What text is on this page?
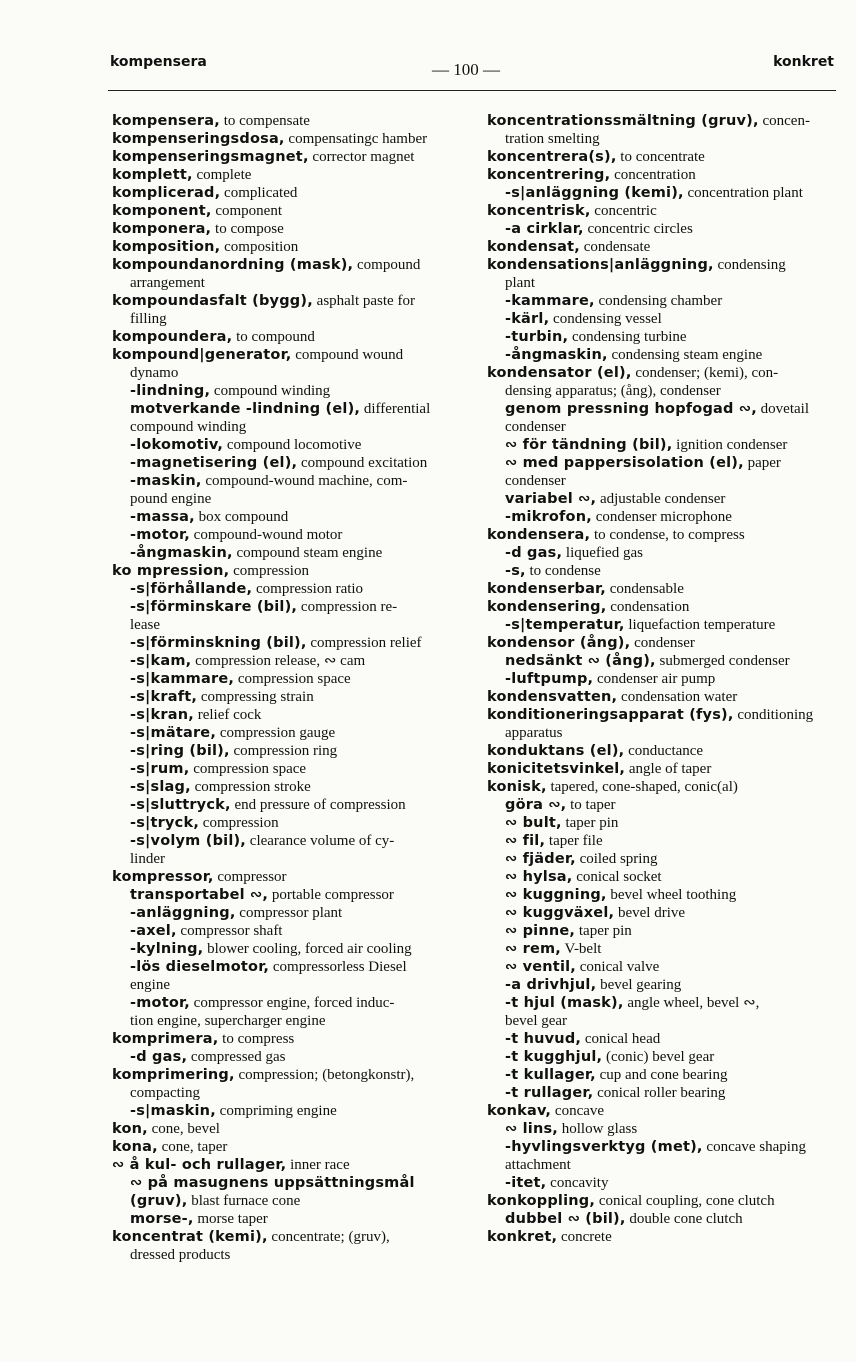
kompensera	— 100 —	konkret
kompensera, to compensate
kompenseringsdosa, compensatingc hamber
kompenseringsmagnet, corrector magnet
komplett, complete
komplicerad, complicated
komponent, component
komponera, to compose
komposition, composition
kompoundanordning (mask), compound
arrangement
kompoundasfalt (bygg), asphalt paste for
filling
kompoundera, to compound
kompound|generator, compound wound
dynamo
-lindning, compound winding
motverkande -lindning (el), differential
compound winding
-lokomotiv, compound locomotive
-magnetisering (el), compound excitation
-maskin, compound-wound machine, com-
pound engine
-massa, box compound
-motor, compound-wound motor
-ångmaskin, compound steam engine
ko mpression, compression
-s|förhållande, compression ratio
-s|förminskare (bil), compression re-
lease
-s|förminskning (bil), compression relief
-s|kam, compression release, ∾ cam
-s|kammare, compression space
-s|kraft, compressing strain
-s|kran, relief cock
-s|mätare, compression gauge
-s|ring (bil), compression ring
-s|rum, compression space
-s|slag, compression stroke
-s|sluttryck, end pressure of compression
-s|tryck, compression
-s|volym (bil), clearance volume of cy-
linder
kompressor, compressor
transportabel ∾, portable compressor
-anläggning, compressor plant
-axel, compressor shaft
-kylning, blower cooling, forced air cooling
-lös dieselmotor, compressorless Diesel
engine
-motor, compressor engine, forced induc-
tion engine, supercharger engine
komprimera, to compress
-d gas, compressed gas
komprimering, compression; (betongkonstr),
compacting
-s|maskin, compriming engine
kon, cone, bevel
kona, cone, taper
∾ å kul- och rullager, inner race
∾ på masugnens uppsättningsmål
(gruv), blast furnace cone
morse-, morse taper
koncentrat (kemi), concentrate; (gruv),
dressed products
koncentrationssmältning (gruv), concen-
tration smelting
koncentrera(s), to concentrate
koncentrering, concentration
-s|anläggning (kemi), concentration plant
koncentrisk, concentric
-a cirklar, concentric circles
kondensat, condensate
kondensations|anläggning, condensing
plant
-kammare, condensing chamber
-kärl, condensing vessel
-turbin, condensing turbine
-ångmaskin, condensing steam engine
kondensator (el), condenser; (kemi), con-
densing apparatus; (ång), condenser
genom pressning hopfogad ∾, dovetail
condenser
∾ för tändning (bil), ignition condenser
∾ med pappersisolation (el), paper
condenser
variabel ∾, adjustable condenser
-mikrofon, condenser microphone
kondensera, to condense, to compress
-d gas, liquefied gas
-s, to condense
kondenserbar, condensable
kondensering, condensation
-s|temperatur, liquefaction temperature
kondensor (ång), condenser
nedsänkt ∾ (ång), submerged condenser
-luftpump, condenser air pump
kondensvatten, condensation water
konditioneringsapparat (fys), conditioning
apparatus
konduktans (el), conductance
konicitetsvinkel, angle of taper
konisk, tapered, cone-shaped, conic(al)
göra ∾, to taper
∾ bult, taper pin
∾ fil, taper file
∾ fjäder, coiled spring
∾ hylsa, conical socket
∾ kuggning, bevel wheel toothing
∾ kuggväxel, bevel drive
∾ pinne, taper pin
∾ rem, V-belt
∾ ventil, conical valve
-a drivhjul, bevel gearing
-t hjul (mask), angle wheel, bevel ∾,
bevel gear
-t huvud, conical head
-t kugghjul, (conic) bevel gear
-t kullager, cup and cone bearing
-t rullager, conical roller bearing
konkav, concave
∾ lins, hollow glass
-hyvlingsverktyg (met), concave shaping
attachment
-itet, concavity
konkoppling, conical coupling, cone clutch
dubbel ∾ (bil), double cone clutch
konkret, concrete
